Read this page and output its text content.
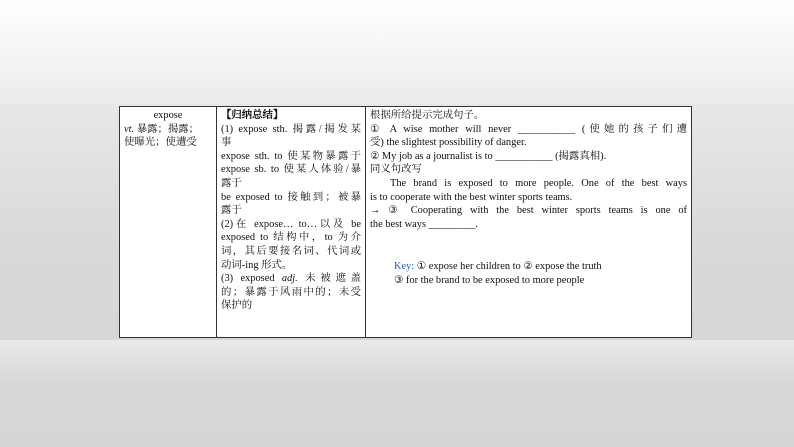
expose
vt. 暴露；揭露；
使曝光；使遭受

【归纳总结】
(1) expose sth. 揭露/揭发某
事
expose sth. to 使某物暴露于
expose sb. to 使某人体验/暴
露于
be exposed to 接触到；被暴
露于
(2)在 expose… to…以及 be
exposed to 结构中，to 为介
词，其后要接名词、代词或
动词-ing 形式。
(3) exposed adj. 未被遮盖
的；暴露于风雨中的；未受
保护的

根据所给提示完成句子。
① A wise mother will never ___________ (使她的孩子们遭
受) the slightest possibility of danger.
② My job as a journalist is to ___________ (揭露真相).
同义句改写
The brand is exposed to more people. One of the best ways
is to cooperate with the best winter sports teams.
→ ③ Cooperating with the best winter sports teams is one of
the best ways _________.
Key: ① expose her children to ② expose the truth
③ for the brand to be exposed to more people
